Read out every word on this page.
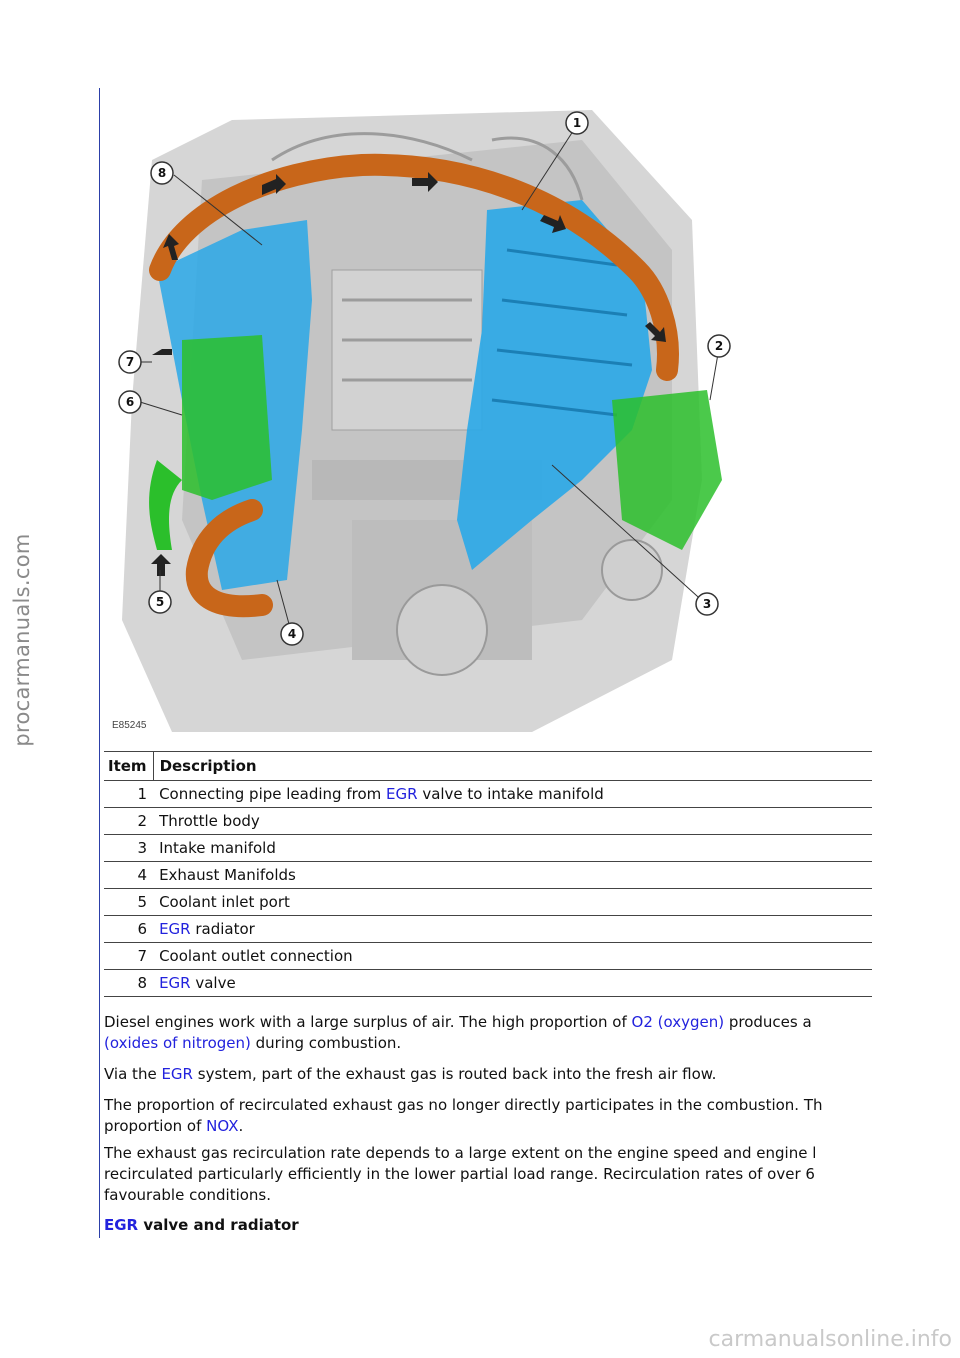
procarmanuals.com
carmanualsonline.info
1
2
3
4
5
6
7
8
E85245
Item	Description
1	Connecting pipe leading from EGR valve to intake manifold
2	Throttle body
3	Intake manifold
4	Exhaust Manifolds
5	Coolant inlet port
6	EGR radiator
7	Coolant outlet connection
8	EGR valve
Diesel engines work with a large surplus of air. The high proportion of O2 (oxygen) produces a
(oxides of nitrogen) during combustion.
Via the EGR system, part of the exhaust gas is routed back into the fresh air flow.
The proportion of recirculated exhaust gas no longer directly participates in the combustion. Th
proportion of NOX.
The exhaust gas recirculation rate depends to a large extent on the engine speed and engine l
recirculated particularly efficiently in the lower partial load range. Recirculation rates of over 6
favourable conditions.
EGR valve and radiator
